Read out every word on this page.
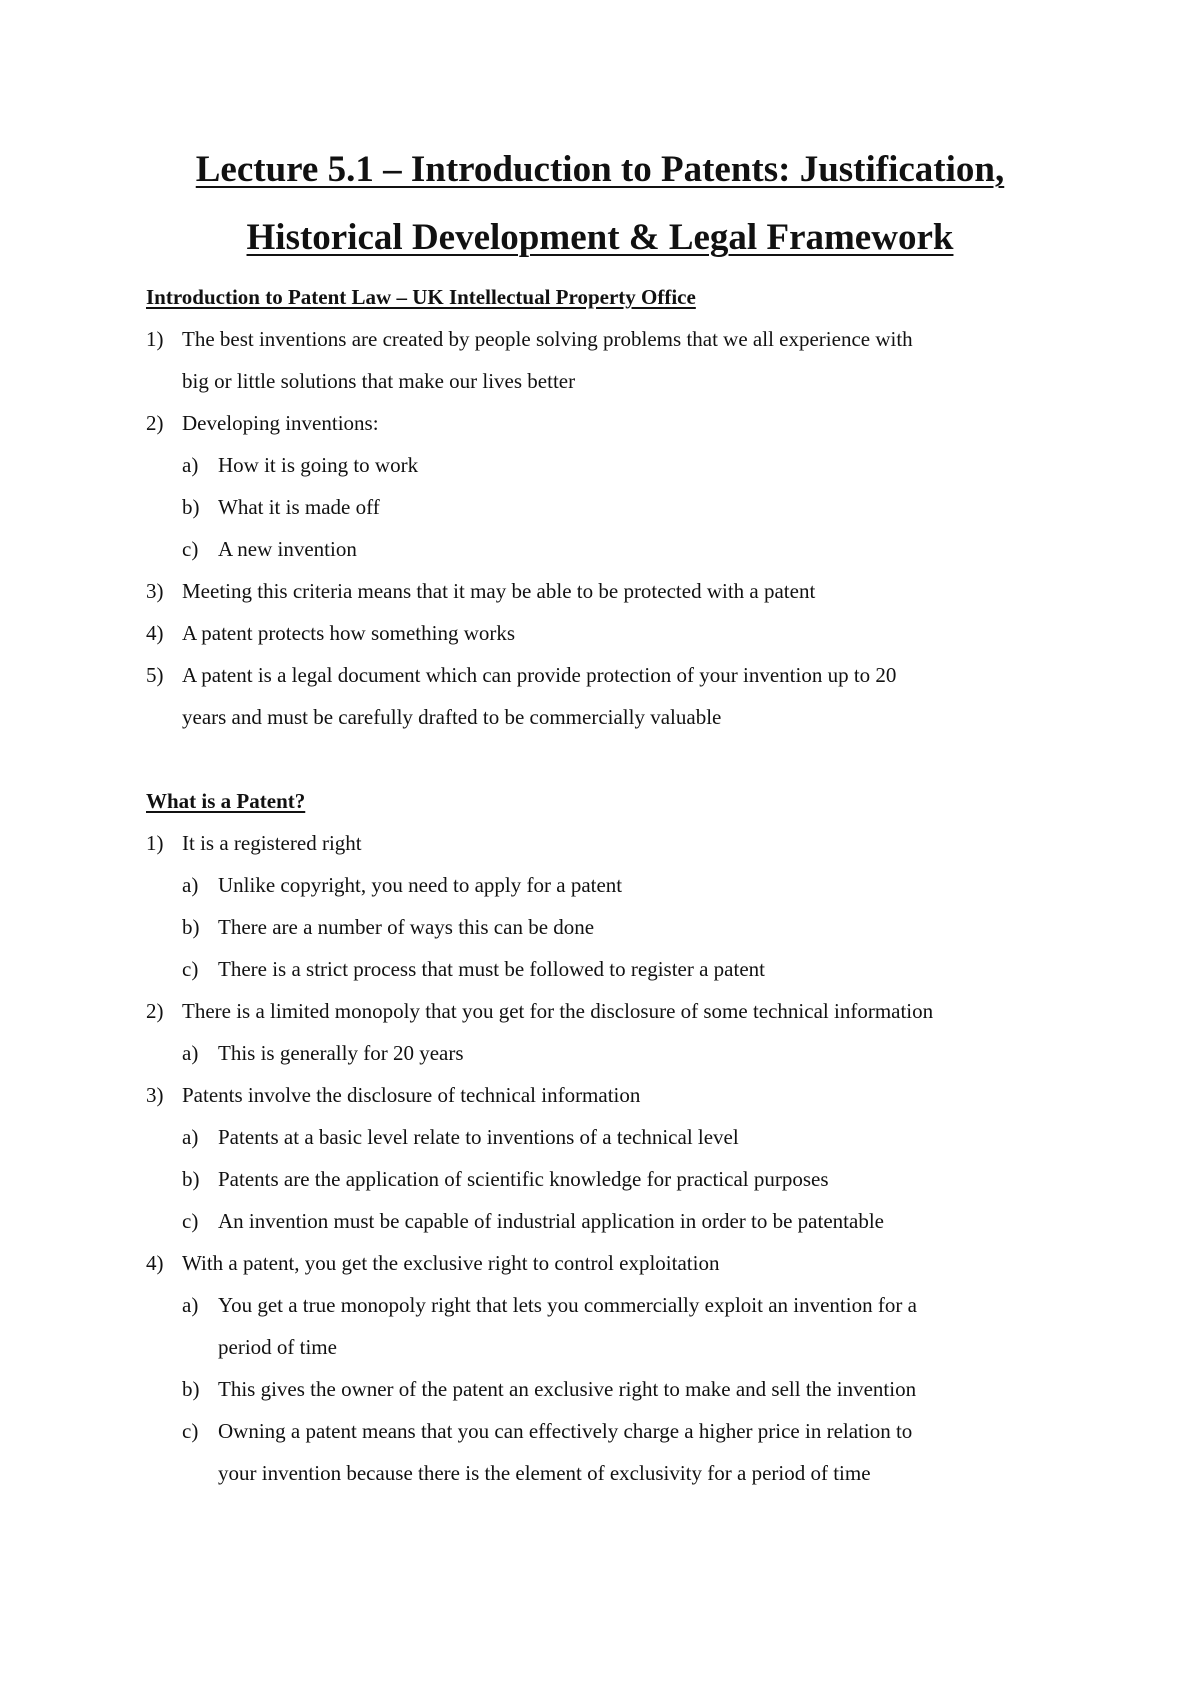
Lecture 5.1 – Introduction to Patents: Justification,
Historical Development & Legal Framework
Introduction to Patent Law – UK Intellectual Property Office
1) The best inventions are created by people solving problems that we all experience with
big or little solutions that make our lives better
2) Developing inventions:
a) How it is going to work
b) What it is made off
c) A new invention
3) Meeting this criteria means that it may be able to be protected with a patent
4) A patent protects how something works
5) A patent is a legal document which can provide protection of your invention up to 20
years and must be carefully drafted to be commercially valuable
What is a Patent?
1) It is a registered right
a) Unlike copyright, you need to apply for a patent
b) There are a number of ways this can be done
c) There is a strict process that must be followed to register a patent
2) There is a limited monopoly that you get for the disclosure of some technical information
a) This is generally for 20 years
3) Patents involve the disclosure of technical information
a) Patents at a basic level relate to inventions of a technical level
b) Patents are the application of scientific knowledge for practical purposes
c) An invention must be capable of industrial application in order to be patentable
4) With a patent, you get the exclusive right to control exploitation
a) You get a true monopoly right that lets you commercially exploit an invention for a
period of time
b) This gives the owner of the patent an exclusive right to make and sell the invention
c) Owning a patent means that you can effectively charge a higher price in relation to
your invention because there is the element of exclusivity for a period of time
